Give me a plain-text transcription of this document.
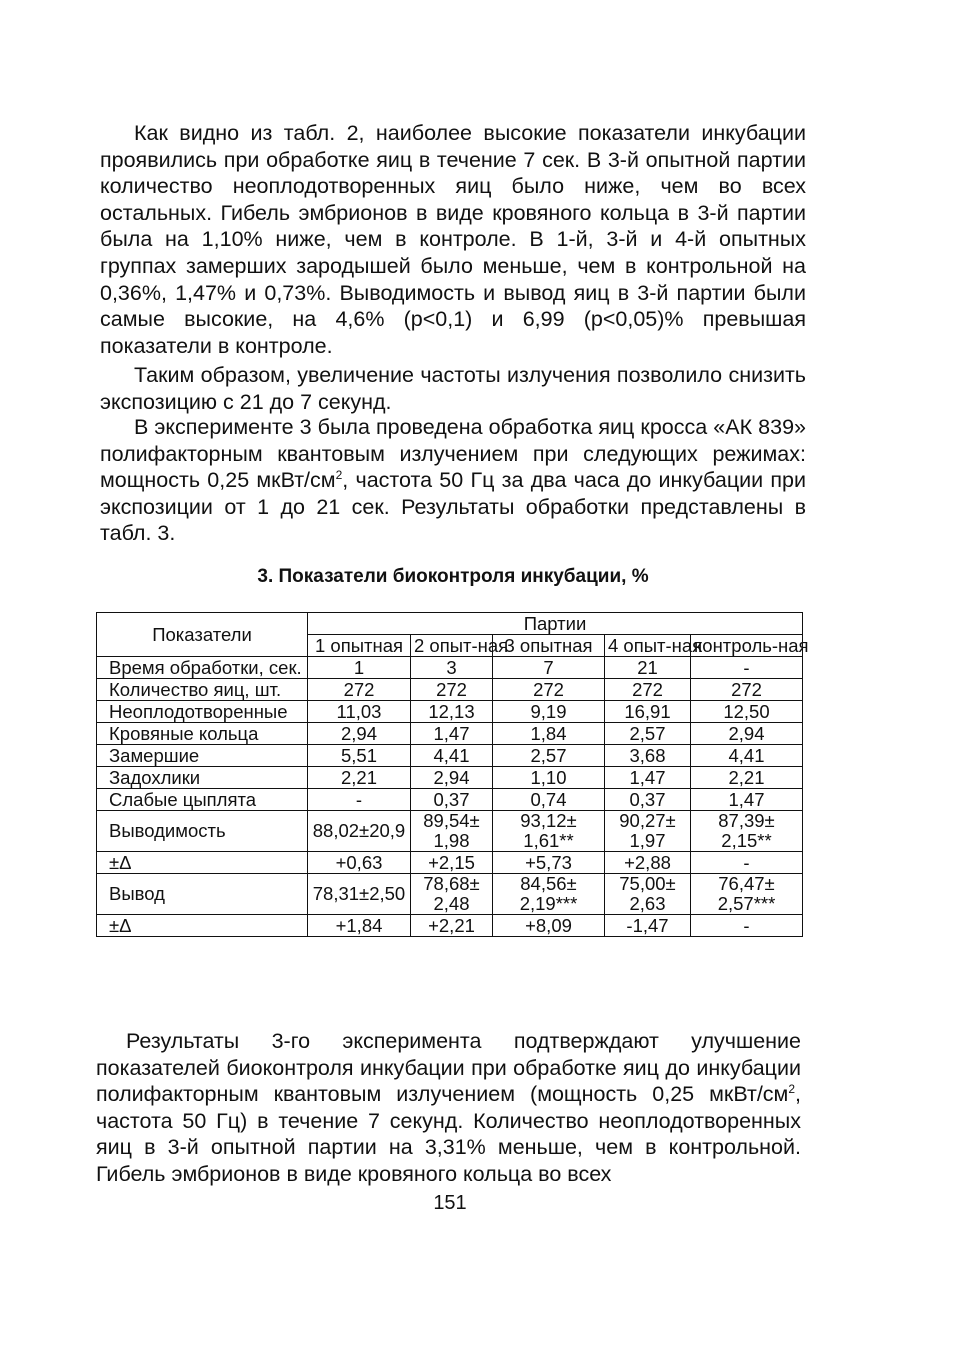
Как видно из табл. 2, наиболее высокие показатели инкубации проявились при обработке яиц в течение 7 сек. В 3-й опытной партии количество неоплодотворенных яиц было ниже, чем во всех остальных. Гибель эмбрионов в виде кровяного кольца в 3-й партии была на 1,10% ниже, чем в контроле. В 1-й, 3-й и 4-й опытных группах замерших зародышей было меньше, чем в контрольной на 0,36%, 1,47% и 0,73%. Выводимость и вывод яиц в 3-й партии были самые высокие, на 4,6% (р<0,1) и 6,99 (р<0,05)% превышая показатели в контроле.

Таким образом, увеличение частоты излучения позволило снизить экспозицию с 21 до 7 секунд.

В эксперименте 3 была проведена обработка яиц кросса «АК 839» полифакторным квантовым излучением при следующих режимах: мощность 0,25 мкВт/$см^2$, частота 50 Гц за два часа до инкубации при экспозиции от 1 до 21 сек. Результаты обработки представлены в табл. 3.

3. Показатели биоконтроля инкубации, %
Показатели	Партии				
	1 опытная	2 опыт-ная	3 опытная	4 опыт-ная	контроль-ная
Время обработки, сек.	1	3	7	21	-
Количество яиц, шт.	272	272	272	272	272
Неоплодотворенные	11,03	12,13	9,19	16,91	12,50
Кровяные кольца	2,94	1,47	1,84	2,57	2,94
Замершие	5,51	4,41	2,57	3,68	4,41
Задохлики	2,21	2,94	1,10	1,47	2,21
Слабые цыплята	-	0,37	0,74	0,37	1,47
Выводимость	88,02±20,9	89,54± 1,98	93,12± 1,61**	90,27± 1,97	87,39± 2,15**
±Δ	+0,63	+2,15	+5,73	+2,88	-
Вывод	78,31±2,50	78,68± 2,48	84,56± 2,19***	75,00± 2,63	76,47± 2,57***
±Δ	+1,84	+2,21	+8,09	-1,47	-

Результаты 3-го эксперимента подтверждают улучшение показателей биоконтроля инкубации при обработке яиц до инкубации полифакторным квантовым излучением (мощность 0,25 мкВт/$см^2$, частота 50 Гц) в течение 7 секунд. Количество неоплодотворенных яиц в 3-й опытной партии на 3,31% меньше, чем в контрольной. Гибель эмбрионов в виде кровяного кольца во всех

151
